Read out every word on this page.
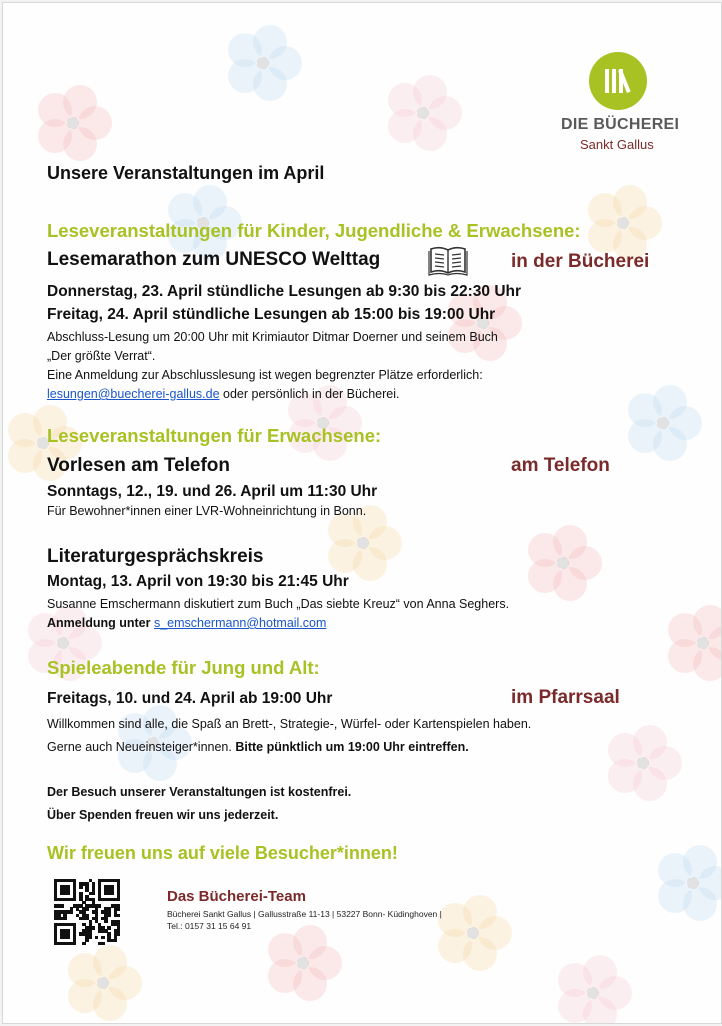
DIE BÜCHEREI
Sankt Gallus
Unsere Veranstaltungen im April
Leseveranstaltungen für Kinder, Jugendliche & Erwachsene:
Lesemarathon zum UNESCO Welttag	in der Bücherei
Donnerstag, 23. April stündliche Lesungen ab 9:30 bis 22:30 Uhr
Freitag, 24. April stündliche Lesungen ab 15:00 bis 19:00 Uhr
Abschluss-Lesung um 20:00 Uhr mit Krimiautor Ditmar Doerner und seinem Buch
„Der größte Verrat“.
Eine Anmeldung zur Abschlusslesung ist wegen begrenzter Plätze erforderlich:
lesungen@buecherei-gallus.de oder persönlich in der Bücherei.
Leseveranstaltungen für Erwachsene:
Vorlesen am Telefon	am Telefon
Sonntags, 12., 19. und 26. April um 11:30 Uhr
Für Bewohner*innen einer LVR-Wohneinrichtung in Bonn.
Literaturgesprächskreis
Montag, 13. April von 19:30 bis 21:45 Uhr
Susanne Emschermann diskutiert zum Buch „Das siebte Kreuz“ von Anna Seghers.
Anmeldung unter s_emschermann@hotmail.com
Spieleabende für Jung und Alt:
Freitags, 10. und 24. April ab 19:00 Uhr	im Pfarrsaal
Willkommen sind alle, die Spaß an Brett-, Strategie-, Würfel- oder Kartenspielen haben.
Gerne auch Neueinsteiger*innen. Bitte pünktlich um 19:00 Uhr eintreffen.
Der Besuch unserer Veranstaltungen ist kostenfrei.
Über Spenden freuen wir uns jederzeit.
Wir freuen uns auf viele Besucher*innen!
Das Bücherei-Team
Bücherei Sankt Gallus | Gallusstraße 11-13 | 53227 Bonn- Küdinghoven |
Tel.: 0157 31 15 64 91
